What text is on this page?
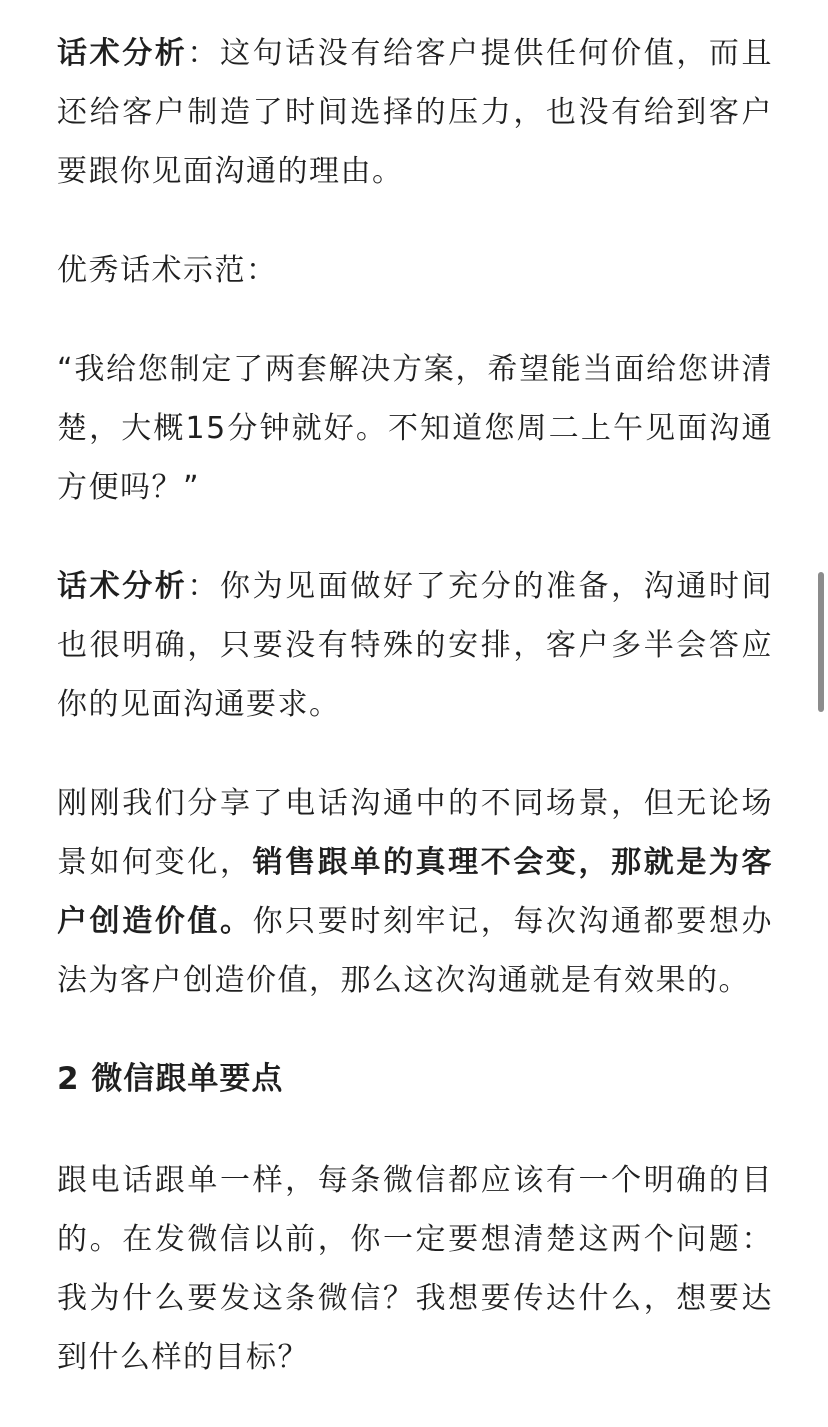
话术分析：这句话没有给客户提供任何价值，而且还给客户制造了时间选择的压力，也没有给到客户要跟你见面沟通的理由。

优秀话术示范：

“我给您制定了两套解决方案，希望能当面给您讲清楚，大概15分钟就好。不知道您周二上午见面沟通方便吗？”

话术分析：你为见面做好了充分的准备，沟通时间也很明确，只要没有特殊的安排，客户多半会答应你的见面沟通要求。

刚刚我们分享了电话沟通中的不同场景，但无论场景如何变化，销售跟单的真理不会变，那就是为客户创造价值。你只要时刻牢记，每次沟通都要想办法为客户创造价值，那么这次沟通就是有效果的。

2 微信跟单要点

跟电话跟单一样，每条微信都应该有一个明确的目的。在发微信以前，你一定要想清楚这两个问题：我为什么要发这条微信？我想要传达什么，想要达到什么样的目标？
